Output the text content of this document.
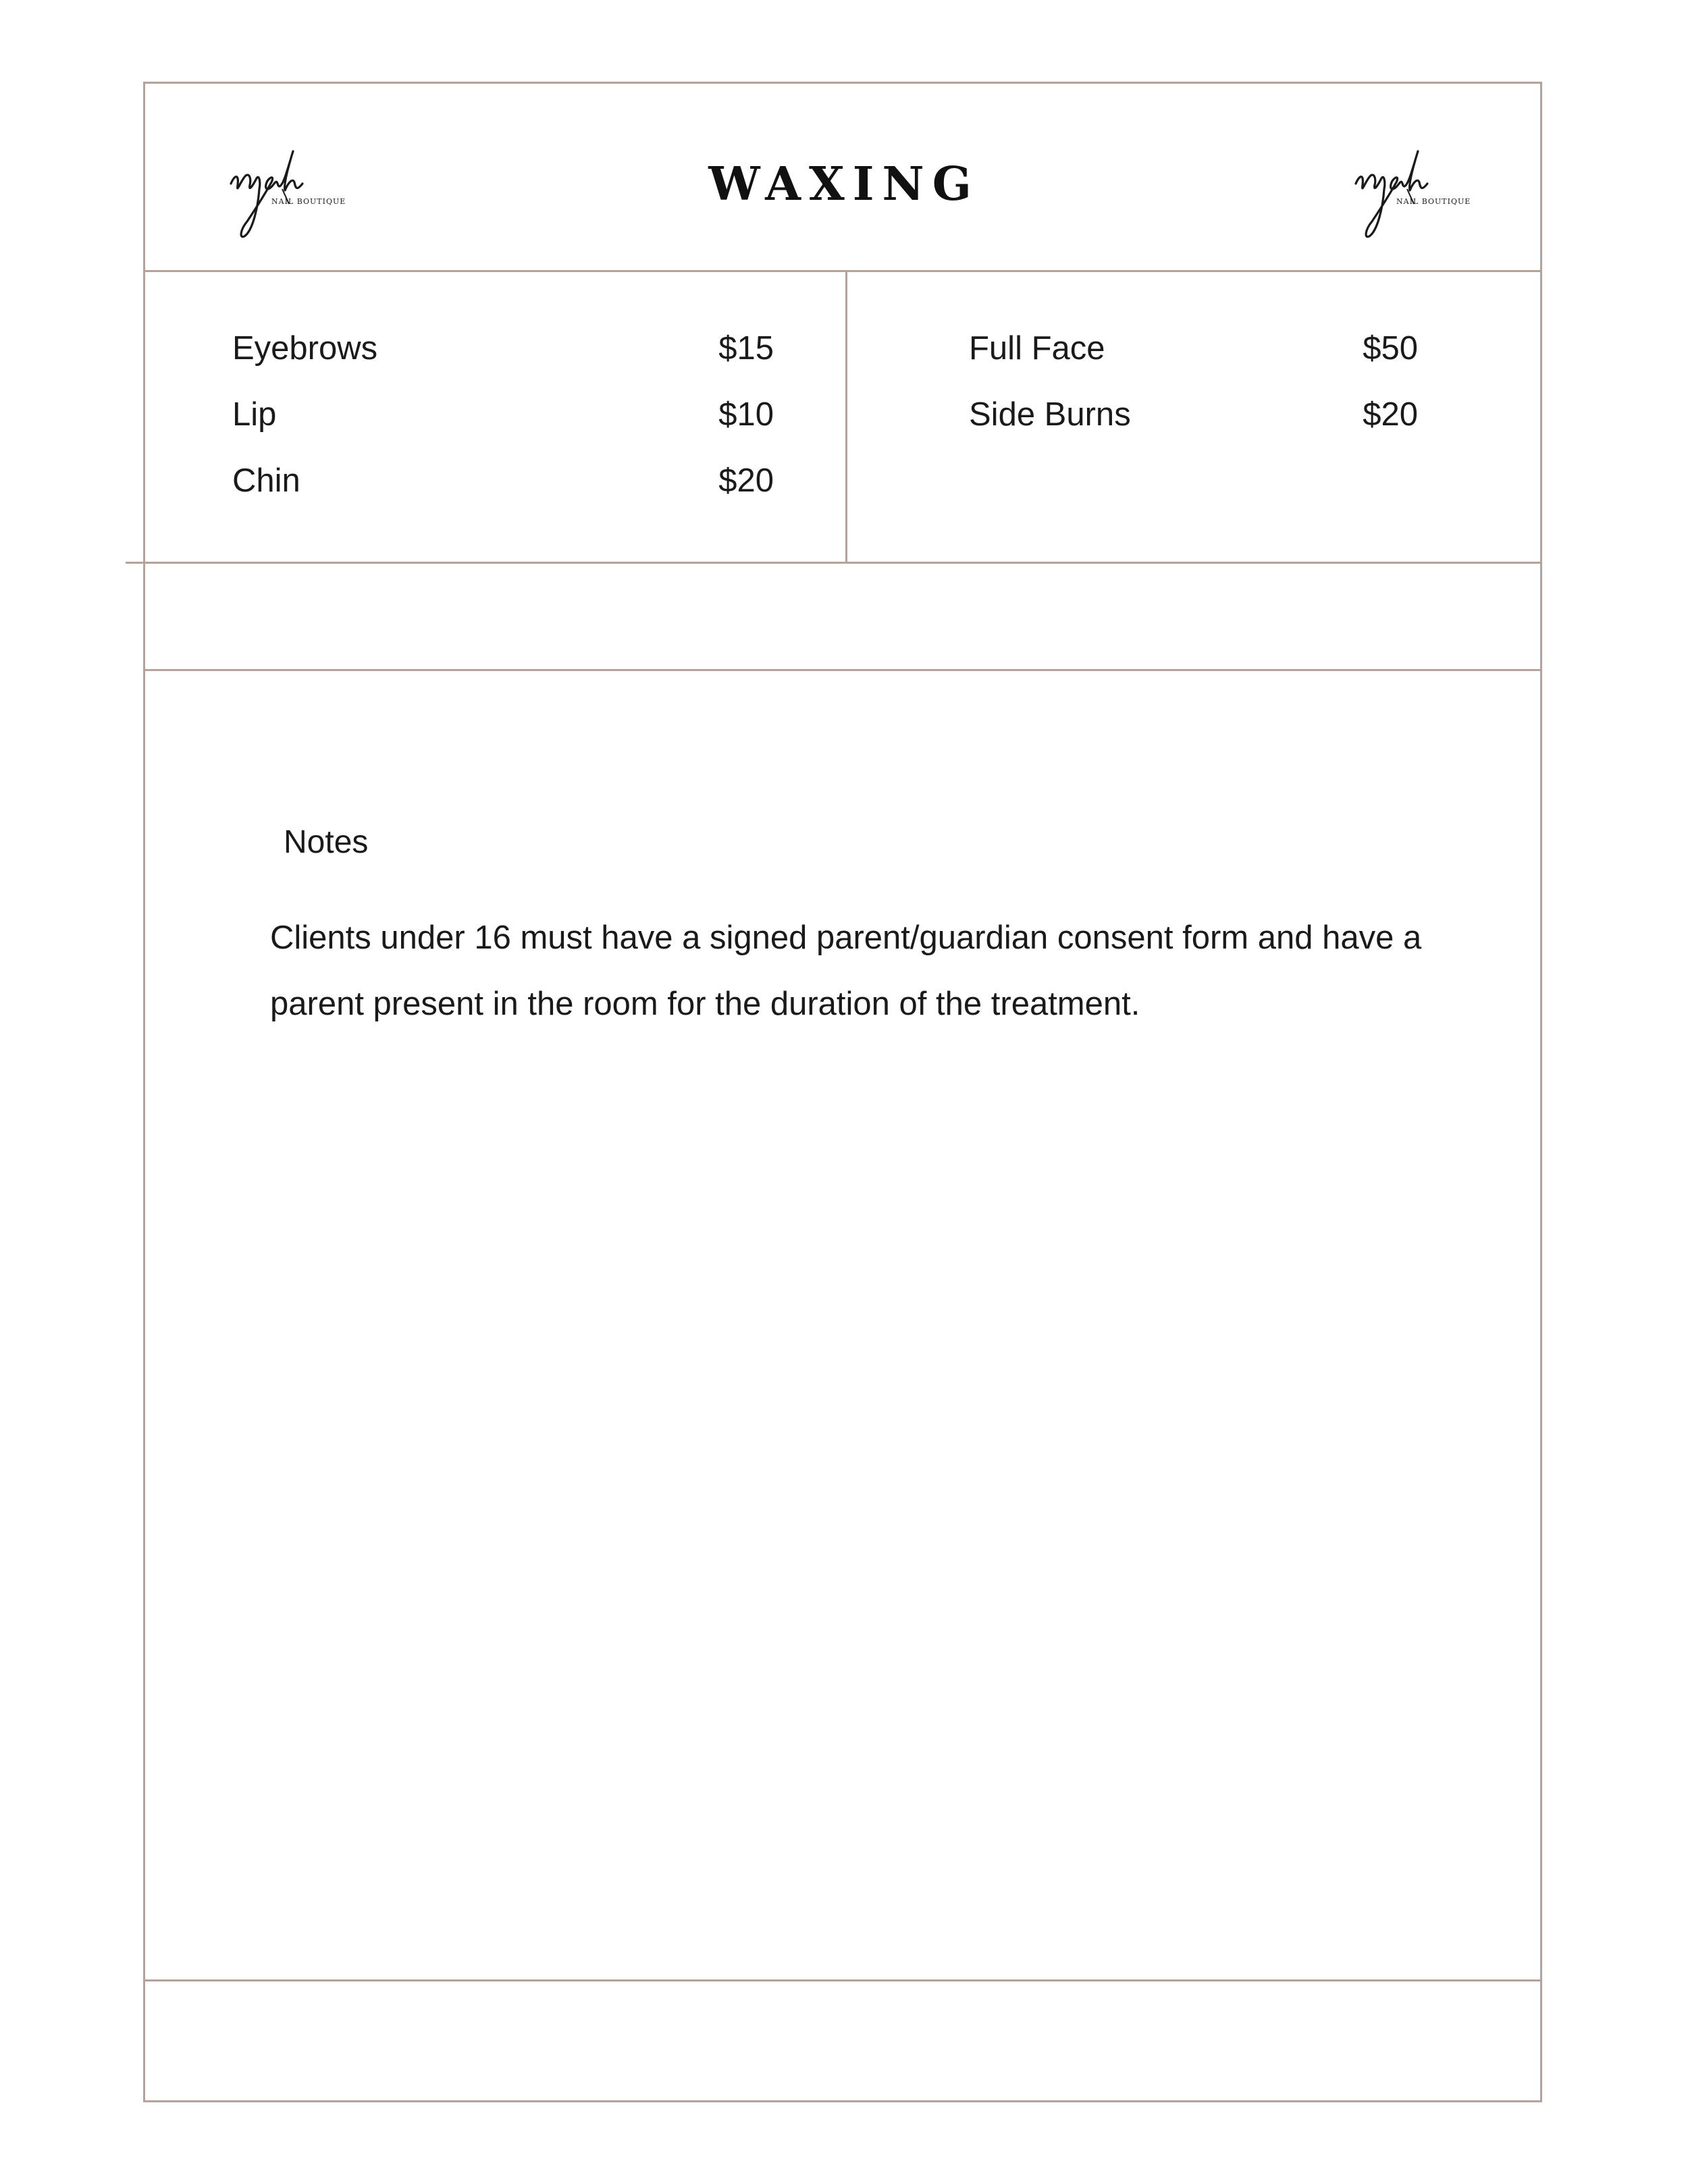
NAIL BOUTIQUE	WAXING	NAIL BOUTIQUE
Eyebrows	$15
Lip	$10
Chin	$20
Full Face	$50
Side Burns	$20
Notes
Clients under 16 must have a signed parent/guardian consent form and have a parent present in the room for the duration of the treatment.
